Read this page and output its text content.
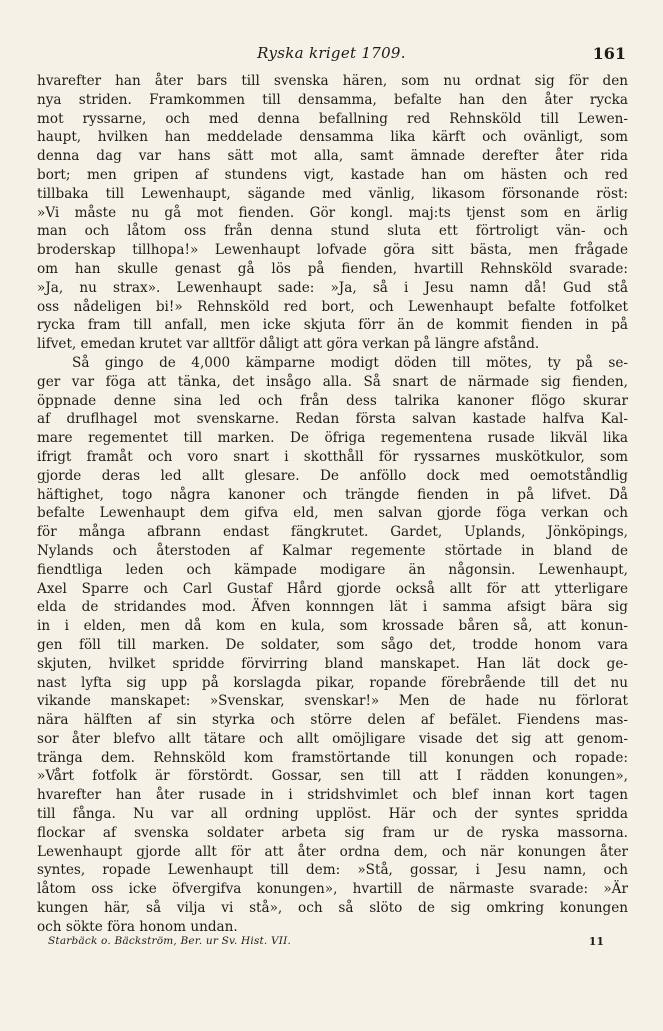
Ryska kriget 1709.	161
hvarefter han åter bars till svenska hären, som nu ordnat sig för den
nya striden. Framkommen till densamma, befalte han den åter rycka
mot ryssarne, och med denna befallning red Rehnsköld till Lewen-
haupt, hvilken han meddelade densamma lika kärft och ovänligt, som
denna dag var hans sätt mot alla, samt ämnade derefter åter rida
bort; men gripen af stundens vigt, kastade han om hästen och red
tillbaka till Lewenhaupt, sägande med vänlig, likasom försonande röst:
»Vi måste nu gå mot fienden. Gör kongl. maj:ts tjenst som en ärlig
man och låtom oss från denna stund sluta ett förtroligt vän- och
broderskap tillhopa!» Lewenhaupt lofvade göra sitt bästa, men frågade
om han skulle genast gå lös på fienden, hvartill Rehnsköld svarade:
»Ja, nu strax». Lewenhaupt sade: »Ja, så i Jesu namn då! Gud stå
oss nådeligen bi!» Rehnsköld red bort, och Lewenhaupt befalte fotfolket
rycka fram till anfall, men icke skjuta förr än de kommit fienden in på
lifvet, emedan krutet var alltför dåligt att göra verkan på längre afstånd.
Så gingo de 4,000 kämparne modigt döden till mötes, ty på se-
ger var föga att tänka, det insågo alla. Så snart de närmade sig fienden,
öppnade denne sina led och från dess talrika kanoner flögo skurar
af druflhagel mot svenskarne. Redan första salvan kastade halfva Kal-
mare regementet till marken. De öfriga regementena rusade likväl lika
ifrigt framåt och voro snart i skotthåll för ryssarnes muskötkulor, som
gjorde deras led allt glesare. De anföllo dock med oemotståndlig
häftighet, togo några kanoner och trängde fienden in på lifvet. Då
befalte Lewenhaupt dem gifva eld, men salvan gjorde föga verkan och
för många afbrann endast fängkrutet. Gardet, Uplands, Jönköpings,
Nylands och återstoden af Kalmar regemente störtade in bland de
fiendtliga leden och kämpade modigare än någonsin. Lewenhaupt,
Axel Sparre och Carl Gustaf Hård gjorde också allt för att ytterligare
elda de stridandes mod. Äfven konnngen lät i samma afsigt bära sig
in i elden, men då kom en kula, som krossade båren så, att konun-
gen föll till marken. De soldater, som sågo det, trodde honom vara
skjuten, hvilket spridde förvirring bland manskapet. Han lät dock ge-
nast lyfta sig upp på korslagda pikar, ropande förebrående till det nu
vikande manskapet: »Svenskar, svenskar!» Men de hade nu förlorat
nära hälften af sin styrka och större delen af befälet. Fiendens mas-
sor åter blefvo allt tätare och allt omöjligare visade det sig att genom-
tränga dem. Rehnsköld kom framstörtande till konungen och ropade:
»Vårt fotfolk är förstördt. Gossar, sen till att I rädden konungen»,
hvarefter han åter rusade in i stridshvimlet och blef innan kort tagen
till fånga. Nu var all ordning upplöst. Här och der syntes spridda
flockar af svenska soldater arbeta sig fram ur de ryska massorna.
Lewenhaupt gjorde allt för att åter ordna dem, och när konungen åter
syntes, ropade Lewenhaupt till dem: »Stå, gossar, i Jesu namn, och
låtom oss icke öfvergifva konungen», hvartill de närmaste svarade: »Är
kungen här, så vilja vi stå», och så slöto de sig omkring konungen
och sökte föra honom undan.
Starbäck o. Bäckström, Ber. ur Sv. Hist. VII.	11
